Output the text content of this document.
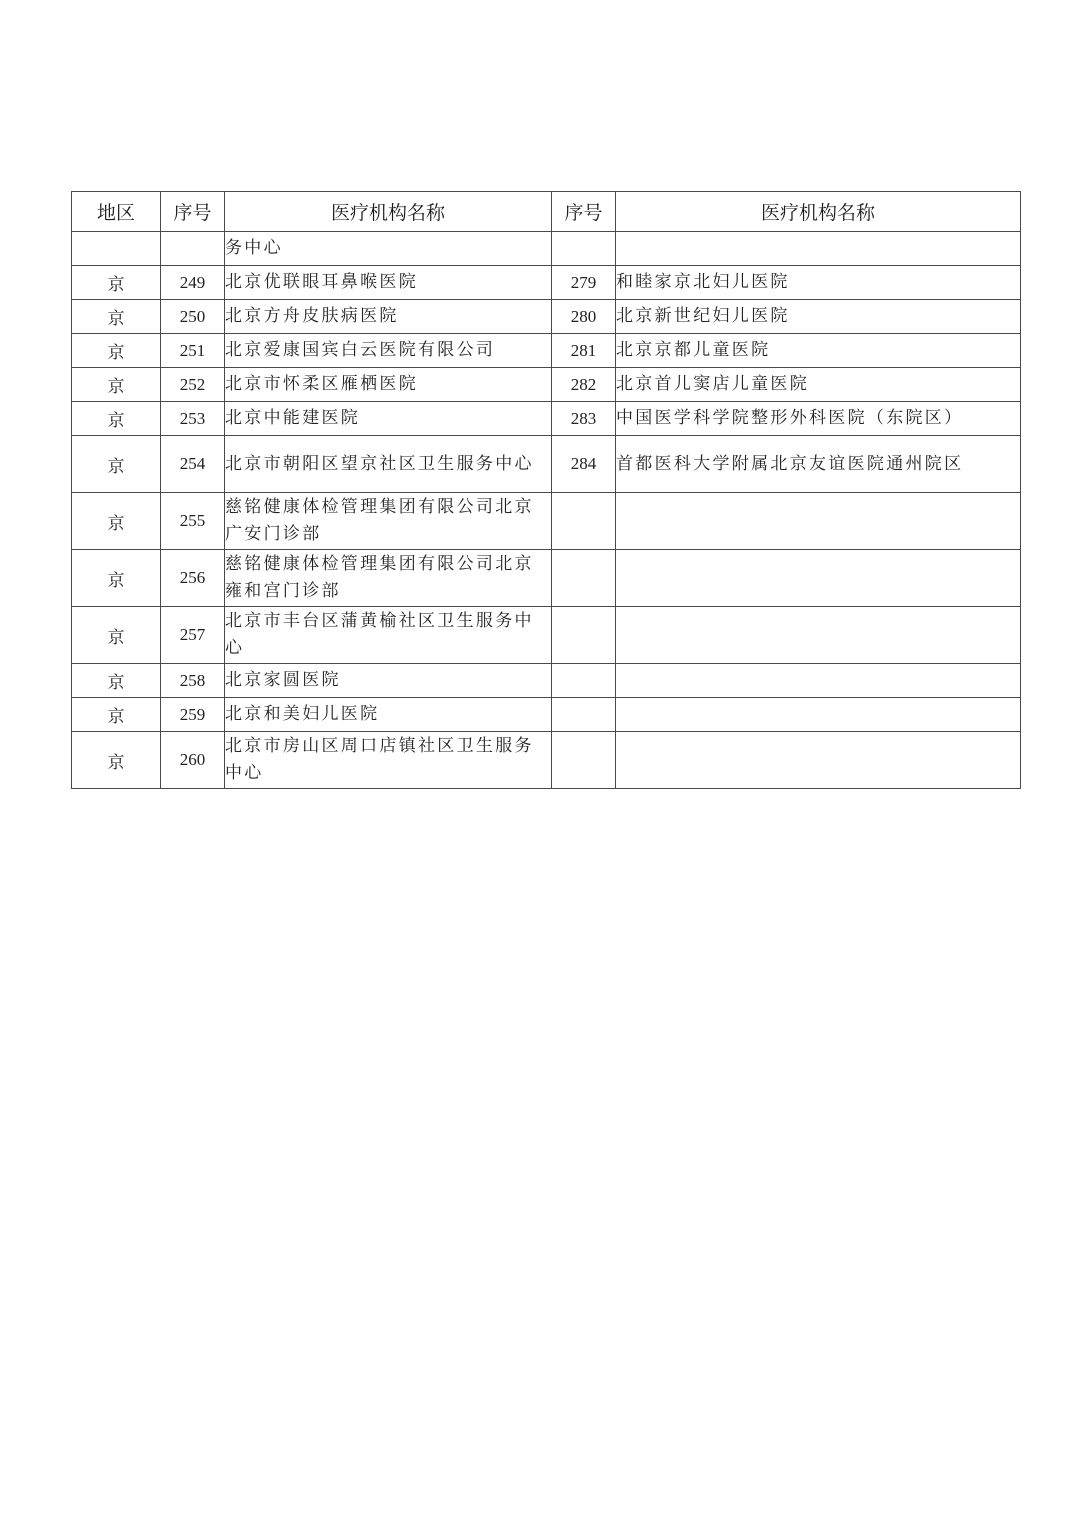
地区	序号	医疗机构名称	序号	医疗机构名称
		务中心		
京	249	北京优联眼耳鼻喉医院	279	和睦家京北妇儿医院
京	250	北京方舟皮肤病医院	280	北京新世纪妇儿医院
京	251	北京爱康国宾白云医院有限公司	281	北京京都儿童医院
京	252	北京市怀柔区雁栖医院	282	北京首儿窦店儿童医院
京	253	北京中能建医院	283	中国医学科学院整形外科医院（东院区）
京	254	北京市朝阳区望京社区卫生服务中心	284	首都医科大学附属北京友谊医院通州院区
京	255	慈铭健康体检管理集团有限公司北京广安门诊部		
京	256	慈铭健康体检管理集团有限公司北京雍和宫门诊部		
京	257	北京市丰台区蒲黄榆社区卫生服务中心		
京	258	北京家圆医院		
京	259	北京和美妇儿医院		
京	260	北京市房山区周口店镇社区卫生服务中心		
